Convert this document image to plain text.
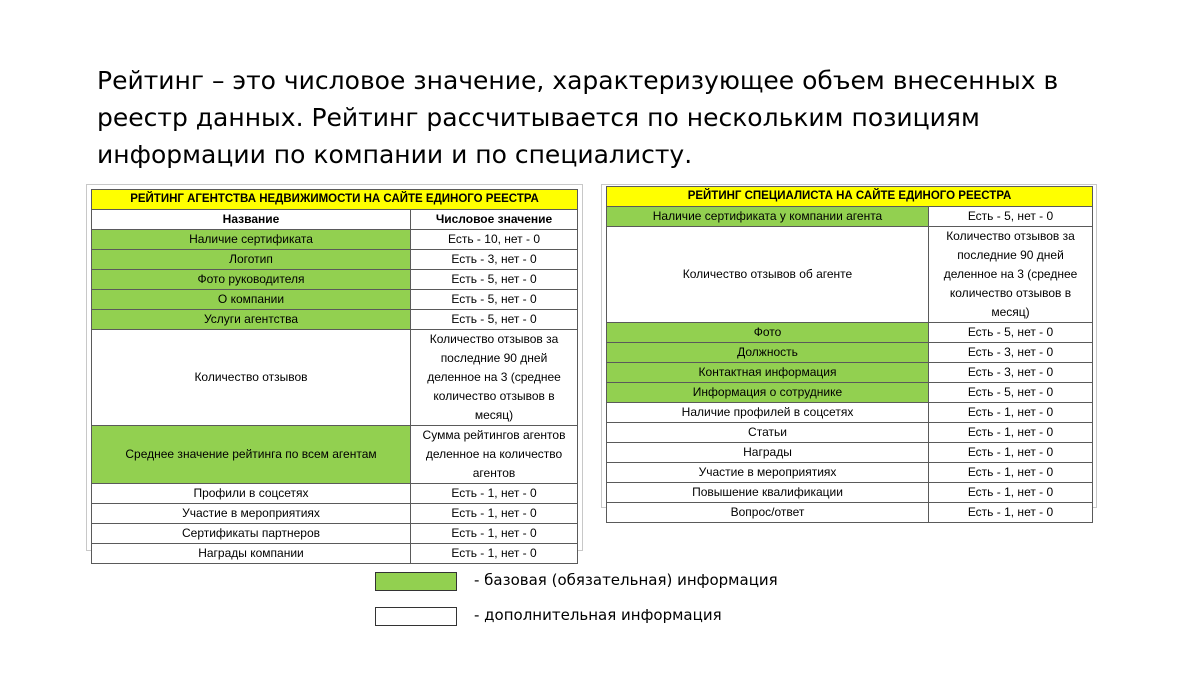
Рейтинг – это числовое значение, характеризующее объем внесенных в реестр данных. Рейтинг рассчитывается по нескольким позициям информации по компании и по специалисту.
РЕЙТИНГ АГЕНТСТВА НЕДВИЖИМОСТИ НА САЙТЕ ЕДИНОГО РЕЕСТРА	
Название	Числовое значение
Наличие сертификата	Есть - 10, нет - 0
Логотип	Есть - 3, нет - 0
Фото руководителя	Есть - 5, нет - 0
О компании	Есть - 5, нет - 0
Услуги агентства	Есть - 5, нет - 0
Количество отзывов	Количество отзывов за последние 90 дней деленное на 3 (среднее количество отзывов в месяц)
Среднее значение рейтинга по всем агентам	Сумма рейтингов агентов деленное на количество агентов
Профили в соцсетях	Есть - 1, нет - 0
Участие в мероприятиях	Есть - 1, нет - 0
Сертификаты партнеров	Есть - 1, нет - 0
Награды компании	Есть - 1, нет - 0
РЕЙТИНГ СПЕЦИАЛИСТА НА САЙТЕ ЕДИНОГО РЕЕСТРА	
Наличие сертификата у компании агента	Есть - 5, нет - 0
Количество отзывов об агенте	Количество отзывов за последние 90 дней деленное на 3 (среднее количество отзывов в месяц)
Фото	Есть - 5, нет - 0
Должность	Есть - 3, нет - 0
Контактная информация	Есть - 3, нет - 0
Информация о сотруднике	Есть - 5, нет - 0
Наличие профилей в соцсетях	Есть - 1, нет - 0
Статьи	Есть - 1, нет - 0
Награды	Есть - 1, нет - 0
Участие в мероприятиях	Есть - 1, нет - 0
Повышение квалификации	Есть - 1, нет - 0
Вопрос/ответ	Есть - 1, нет - 0
- базовая (обязательная) информация
- дополнительная информация
